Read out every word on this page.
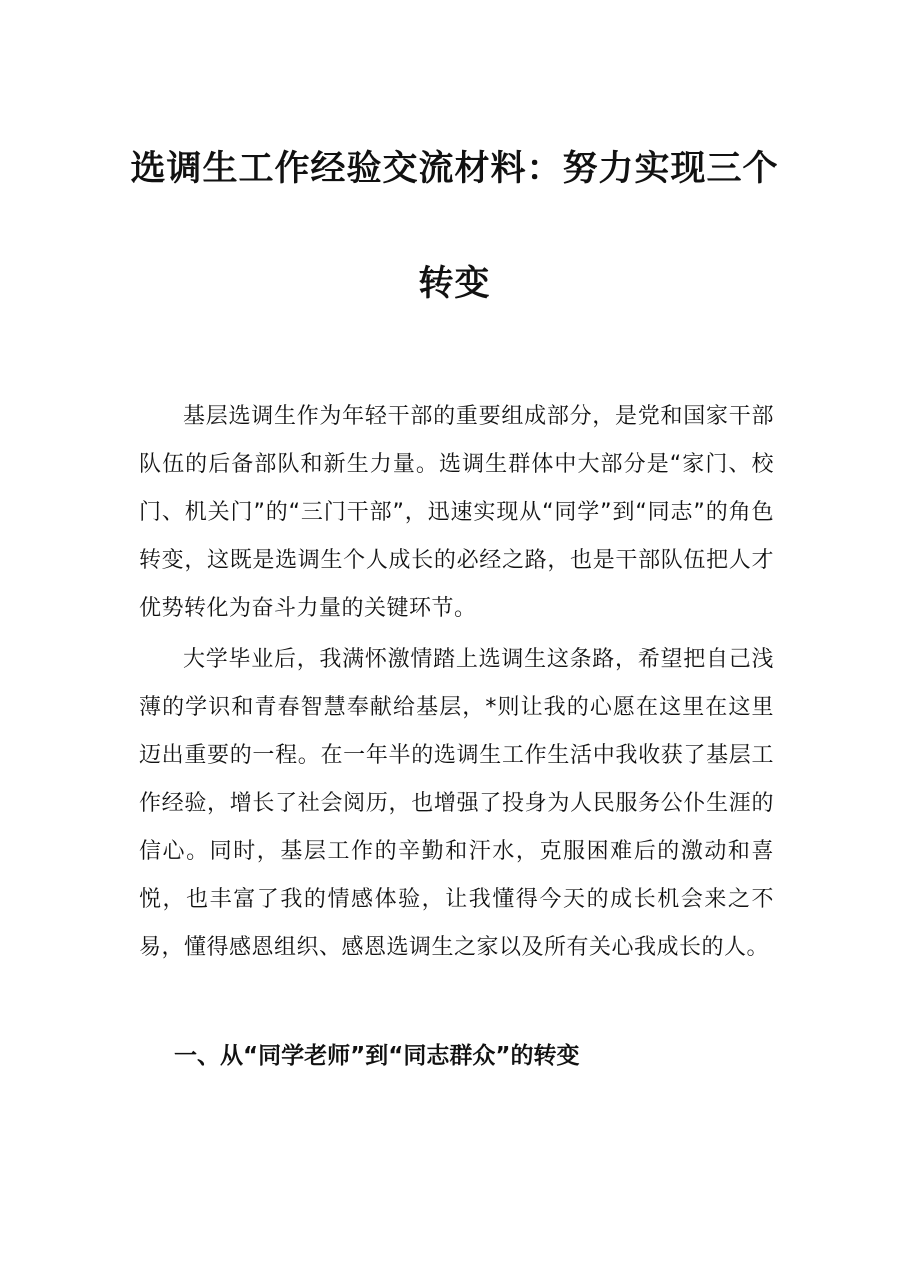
选调生工作经验交流材料：努力实现三个
转变

基层选调生作为年轻干部的重要组成部分，是党和国家干部队伍的后备部队和新生力量。选调生群体中大部分是“家门、校门、机关门”的“三门干部”，迅速实现从“同学”到“同志”的角色转变，这既是选调生个人成长的必经之路，也是干部队伍把人才优势转化为奋斗力量的关键环节。

大学毕业后，我满怀激情踏上选调生这条路，希望把自己浅薄的学识和青春智慧奉献给基层，*则让我的心愿在这里在这里迈出重要的一程。在一年半的选调生工作生活中我收获了基层工作经验，增长了社会阅历，也增强了投身为人民服务公仆生涯的信心。同时，基层工作的辛勤和汗水，克服困难后的激动和喜悦，也丰富了我的情感体验，让我懂得今天的成长机会来之不易，懂得感恩组织、感恩选调生之家以及所有关心我成长的人。

一、从“同学老师”到“同志群众”的转变
